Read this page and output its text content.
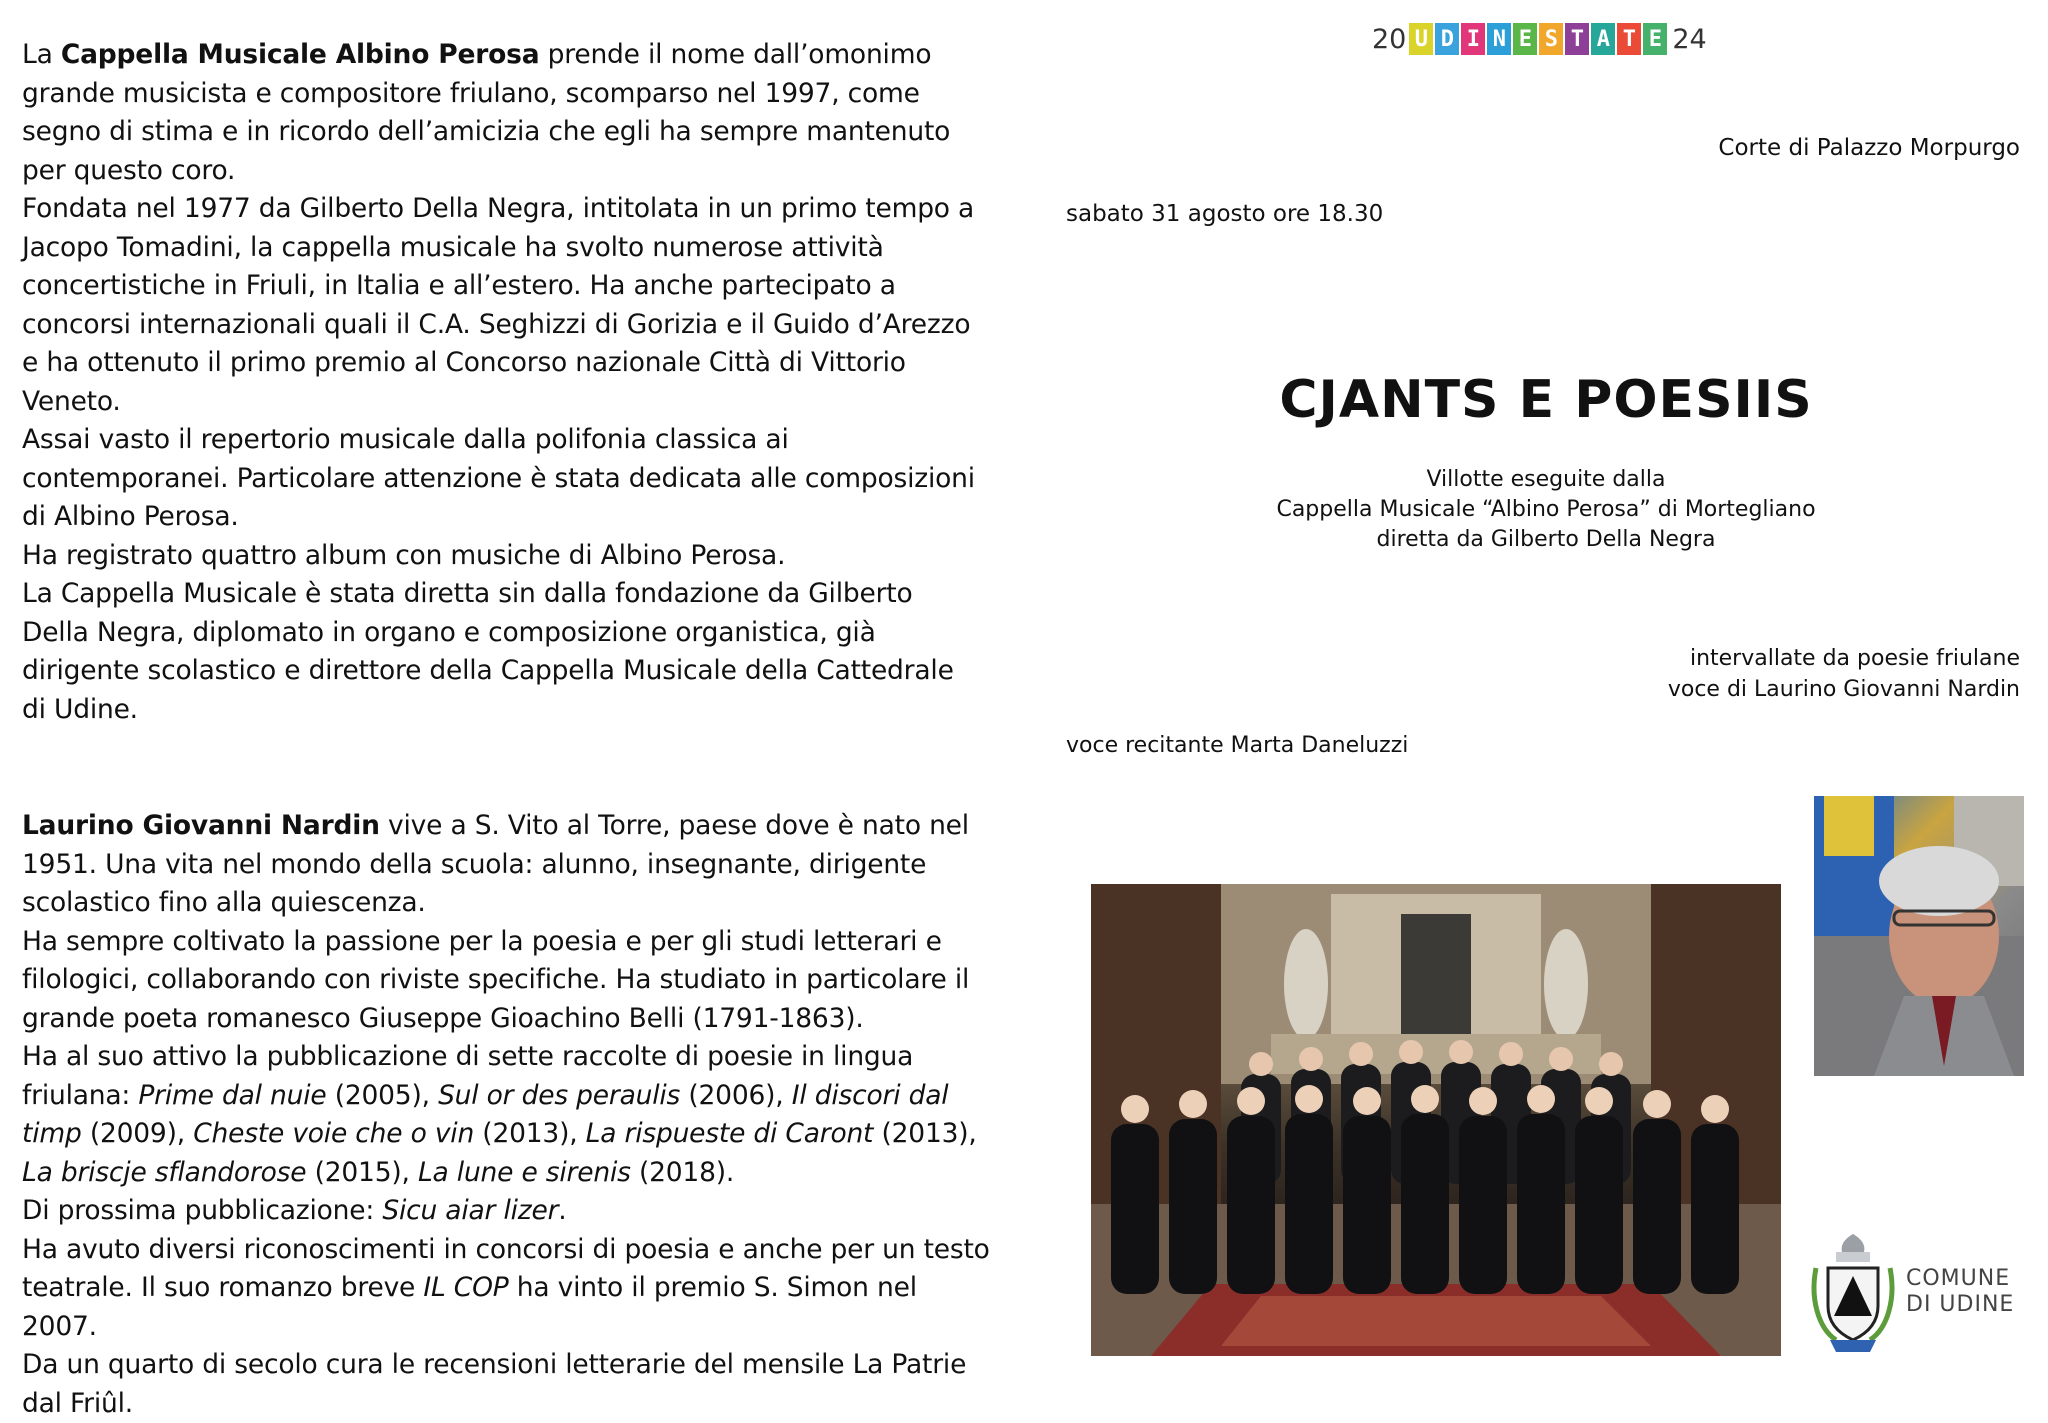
La Cappella Musicale Albino Perosa prende il nome dall’omonimo grande musicista e compositore friulano, scomparso nel 1997, come segno di stima e in ricordo dell’amicizia che egli ha sempre mantenuto per questo coro.

Fondata nel 1977 da Gilberto Della Negra, intitolata in un primo tempo a Jacopo Tomadini, la cappella musicale ha svolto numerose attività concertistiche in Friuli, in Italia e all’estero. Ha anche partecipato a concorsi internazionali quali il C.A. Seghizzi di Gorizia e il Guido d’Arezzo e ha ottenuto il primo premio al Concorso nazionale Città di Vittorio Veneto.

Assai vasto il repertorio musicale dalla polifonia classica ai contemporanei. Particolare attenzione è stata dedicata alle composizioni di Albino Perosa.

Ha registrato quattro album con musiche di Albino Perosa.

La Cappella Musicale è stata diretta sin dalla fondazione da Gilberto Della Negra, diplomato in organo e composizione organistica, già dirigente scolastico e direttore della Cappella Musicale della Cattedrale di Udine.

Laurino Giovanni Nardin vive a S. Vito al Torre, paese dove è nato nel 1951. Una vita nel mondo della scuola: alunno, insegnante, dirigente scolastico fino alla quiescenza.

Ha sempre coltivato la passione per la poesia e per gli studi letterari e filologici, collaborando con riviste specifiche. Ha studiato in particolare il grande poeta romanesco Giuseppe Gioachino Belli (1791-1863).

Ha al suo attivo la pubblicazione di sette raccolte di poesie in lingua friulana: Prime dal nuie (2005), Sul or des peraulis (2006), Il discori dal timp (2009), Cheste voie che o vin (2013), La rispueste di Caront (2013), La briscje sflandorose (2015), La lune e sirenis (2018).

Di prossima pubblicazione: Sicu aiar lizer.

Ha avuto diversi riconoscimenti in concorsi di poesia e anche per un testo teatrale. Il suo romanzo breve IL COP ha vinto il premio S. Simon nel 2007.

Da un quarto di secolo cura le recensioni letterarie del mensile La Patrie dal Friûl.

20 U D I N E S T A T E 24
Corte di Palazzo Morpurgo
sabato 31 agosto ore 18.30
CJANTS E POESIIS
Villotte eseguite dalla
Cappella Musicale “Albino Perosa” di Mortegliano
diretta da Gilberto Della Negra
intervallate da poesie friulane
voce di Laurino Giovanni Nardin
voce recitante Marta Daneluzzi
COMUNE
DI UDINE
